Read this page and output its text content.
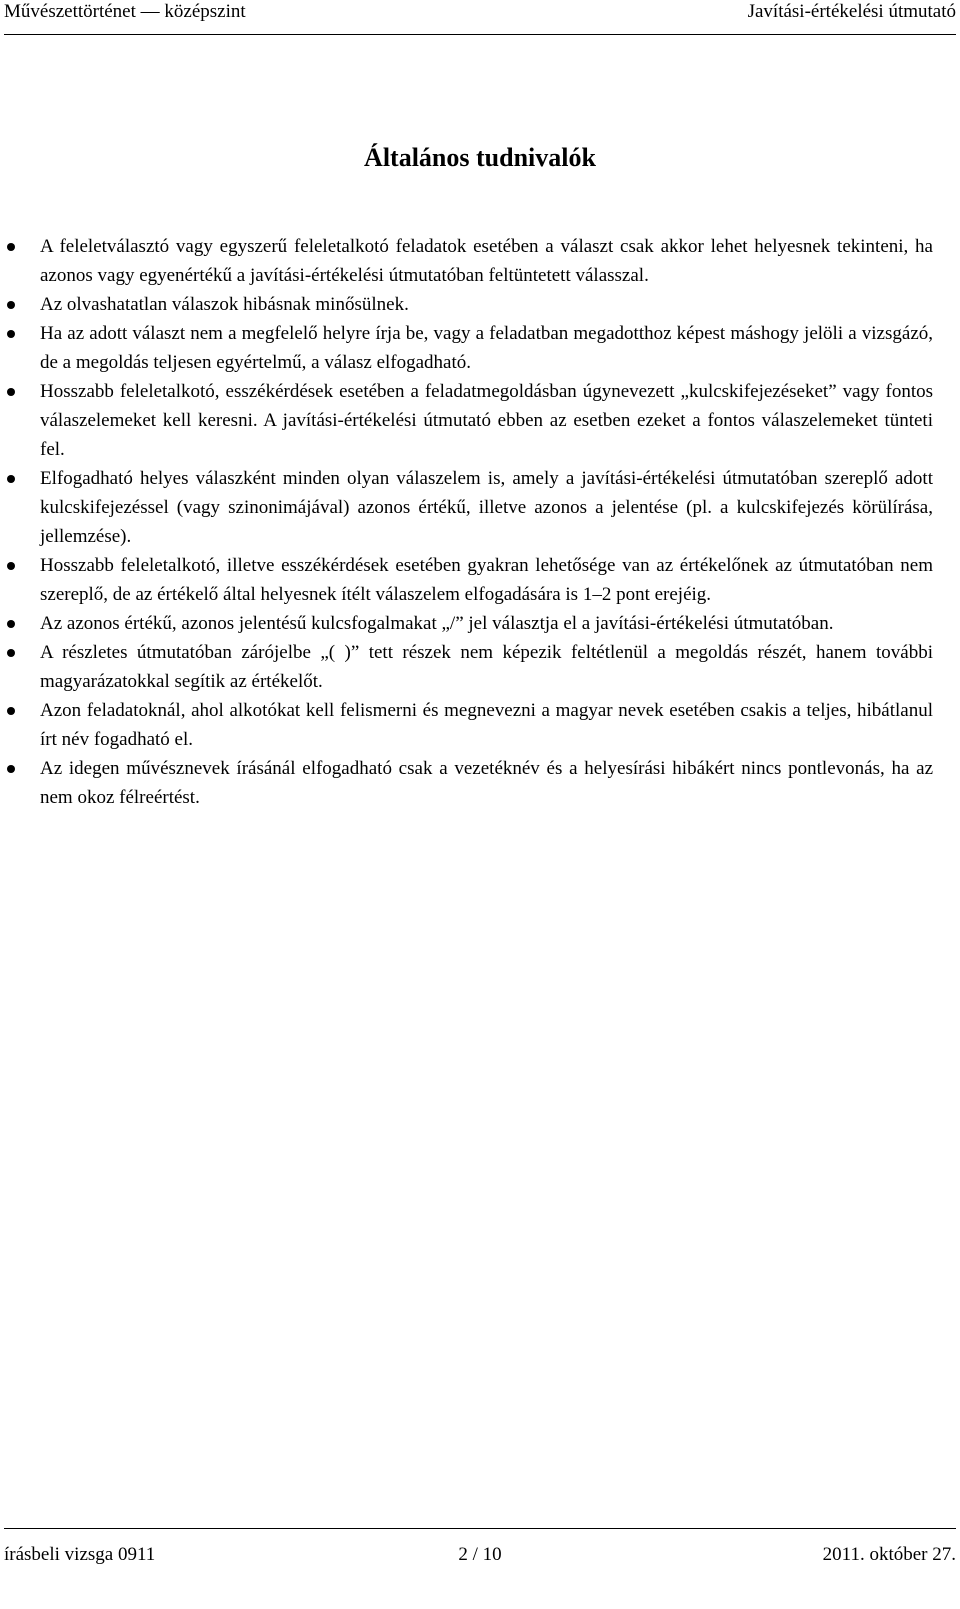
Művészettörténet — középszint	Javítási-értékelési útmutató
Általános tudnivalók
A feleletválasztó vagy egyszerű feleletalkotó feladatok esetében a választ csak akkor lehet helyesnek tekinteni, ha azonos vagy egyenértékű a javítási-értékelési útmutatóban feltüntetett válasszal.
Az olvashatatlan válaszok hibásnak minősülnek.
Ha az adott választ nem a megfelelő helyre írja be, vagy a feladatban megadotthoz képest máshogy jelöli a vizsgázó, de a megoldás teljesen egyértelmű, a válasz elfogadható.
Hosszabb feleletalkotó, esszékérdések esetében a feladatmegoldásban úgynevezett „kulcskifejezéseket” vagy fontos válaszelemeket kell keresni. A javítási-értékelési útmutató ebben az esetben ezeket a fontos válaszelemeket tünteti fel.
Elfogadható helyes válaszként minden olyan válaszelem is, amely a javítási-értékelési útmutatóban szereplő adott kulcskifejezéssel (vagy szinonimájával) azonos értékű, illetve azonos a jelentése (pl. a kulcskifejezés körülírása, jellemzése).
Hosszabb feleletalkotó, illetve esszékérdések esetében gyakran lehetősége van az értékelőnek az útmutatóban nem szereplő, de az értékelő által helyesnek ítélt válaszelem elfogadására is 1–2 pont erejéig.
Az azonos értékű, azonos jelentésű kulcsfogalmakat „/” jel választja el a javítási-értékelési útmutatóban.
A részletes útmutatóban zárójelbe „( )” tett részek nem képezik feltétlenül a megoldás részét, hanem további magyarázatokkal segítik az értékelőt.
Azon feladatoknál, ahol alkotókat kell felismerni és megnevezni a magyar nevek esetében csakis a teljes, hibátlanul írt név fogadható el.
Az idegen művésznevek írásánál elfogadható csak a vezetéknév és a helyesírási hibákért nincs pontlevonás, ha az nem okoz félreértést.
írásbeli vizsga 0911	2 / 10	2011. október 27.
